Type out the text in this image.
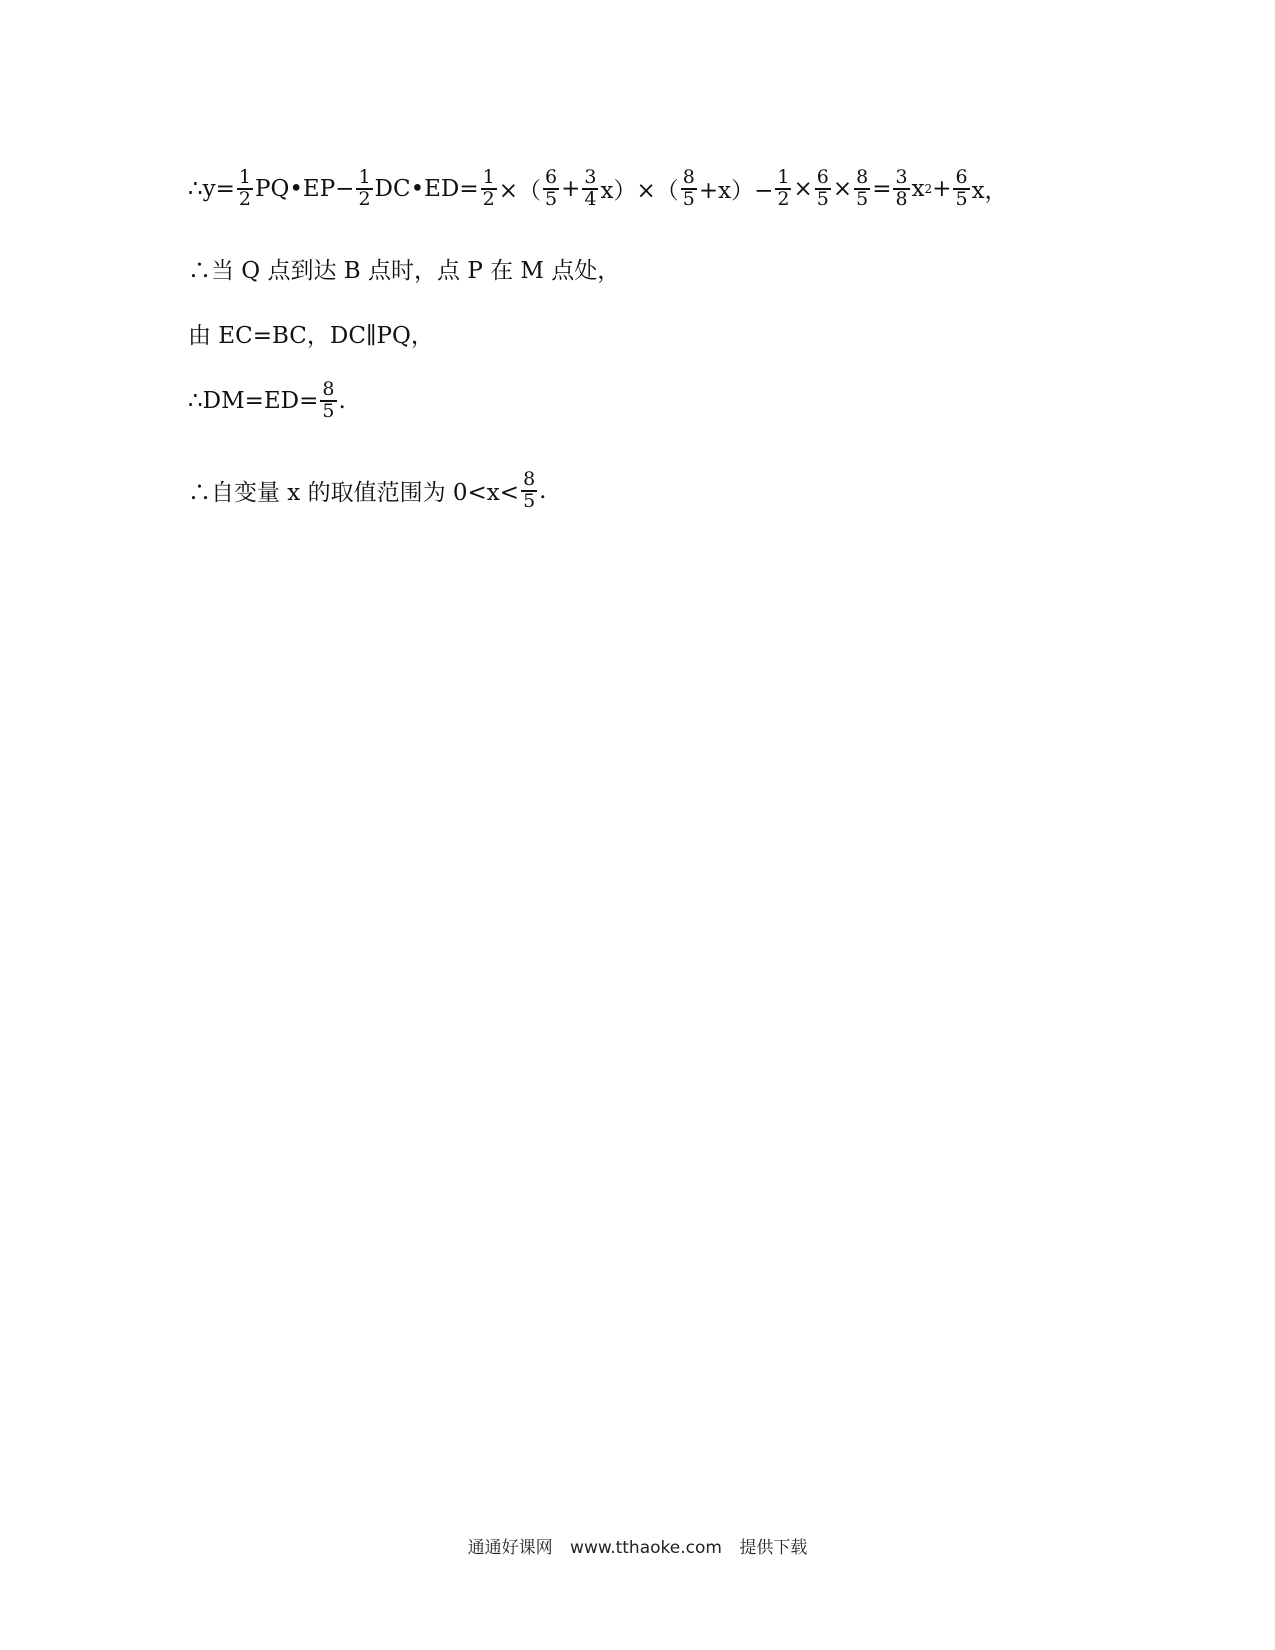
∴y= $\frac{1}{2}$ PQ•EP− $\frac{1}{2}$ DC•ED= $\frac{1}{2}$ ×（ $\frac{6}{5} + \frac{3}{4} x)\times( \frac{8}{5} +x)- \frac{1}{2} \times \frac{6}{5} \times \frac{8}{5} = \frac{3}{8}$ x $2 + \frac{6}{5}$ x，
∴当 Q 点到达 B 点时，点 P 在 M 点处，
由 EC=BC，DC∥PQ，
∴DM=ED= $\frac{8}{5}$ .
∴自变量 x 的取值范围为 $0<x< \frac{8}{5}$ .
通通好课网 www.tthaoke.com 提供下载
